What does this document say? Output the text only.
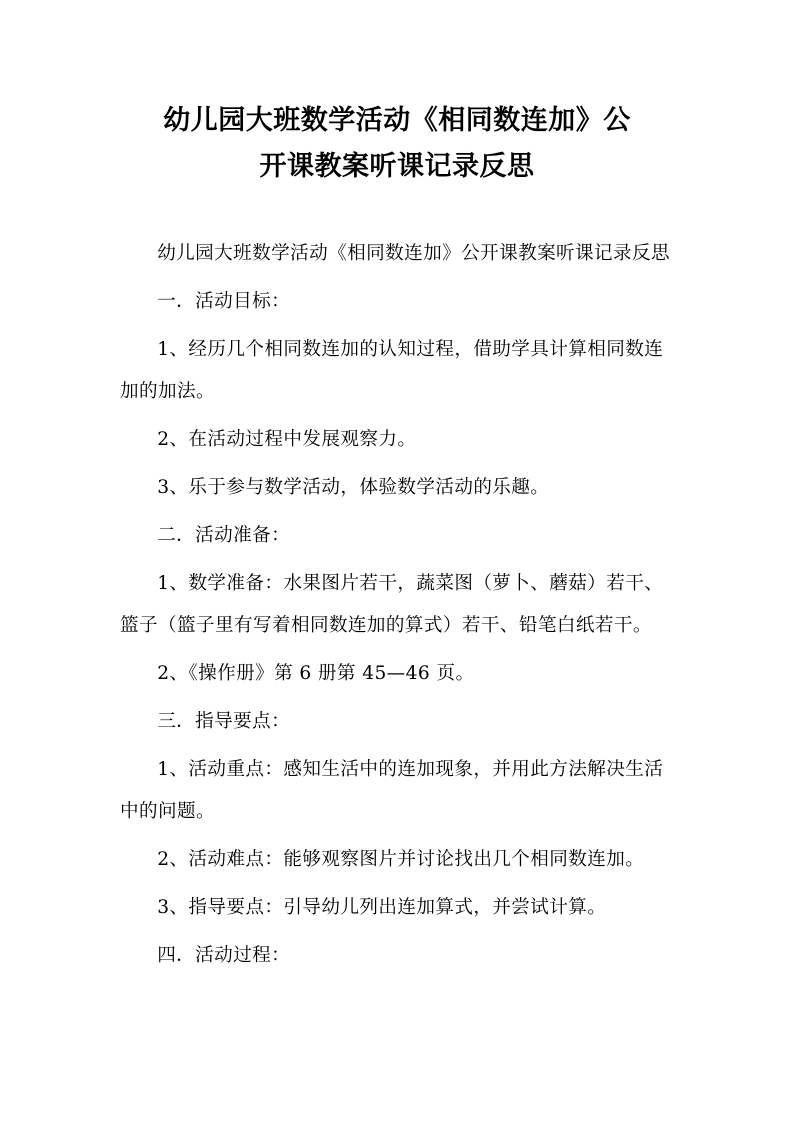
幼儿园大班数学活动《相同数连加》公
开课教案听课记录反思

幼儿园大班数学活动《相同数连加》公开课教案听课记录反思

一．活动目标：

1、经历几个相同数连加的认知过程，借助学具计算相同数连加的加法。

2、在活动过程中发展观察力。

3、乐于参与数学活动，体验数学活动的乐趣。

二．活动准备：

1、数学准备：水果图片若干，蔬菜图（萝卜、蘑菇）若干、篮子（篮子里有写着相同数连加的算式）若干、铅笔白纸若干。

2、《操作册》第 6 册第 45—46 页。

三．指导要点：

1、活动重点：感知生活中的连加现象，并用此方法解决生活中的问题。

2、活动难点：能够观察图片并讨论找出几个相同数连加。

3、指导要点：引导幼儿列出连加算式，并尝试计算。

四．活动过程：
